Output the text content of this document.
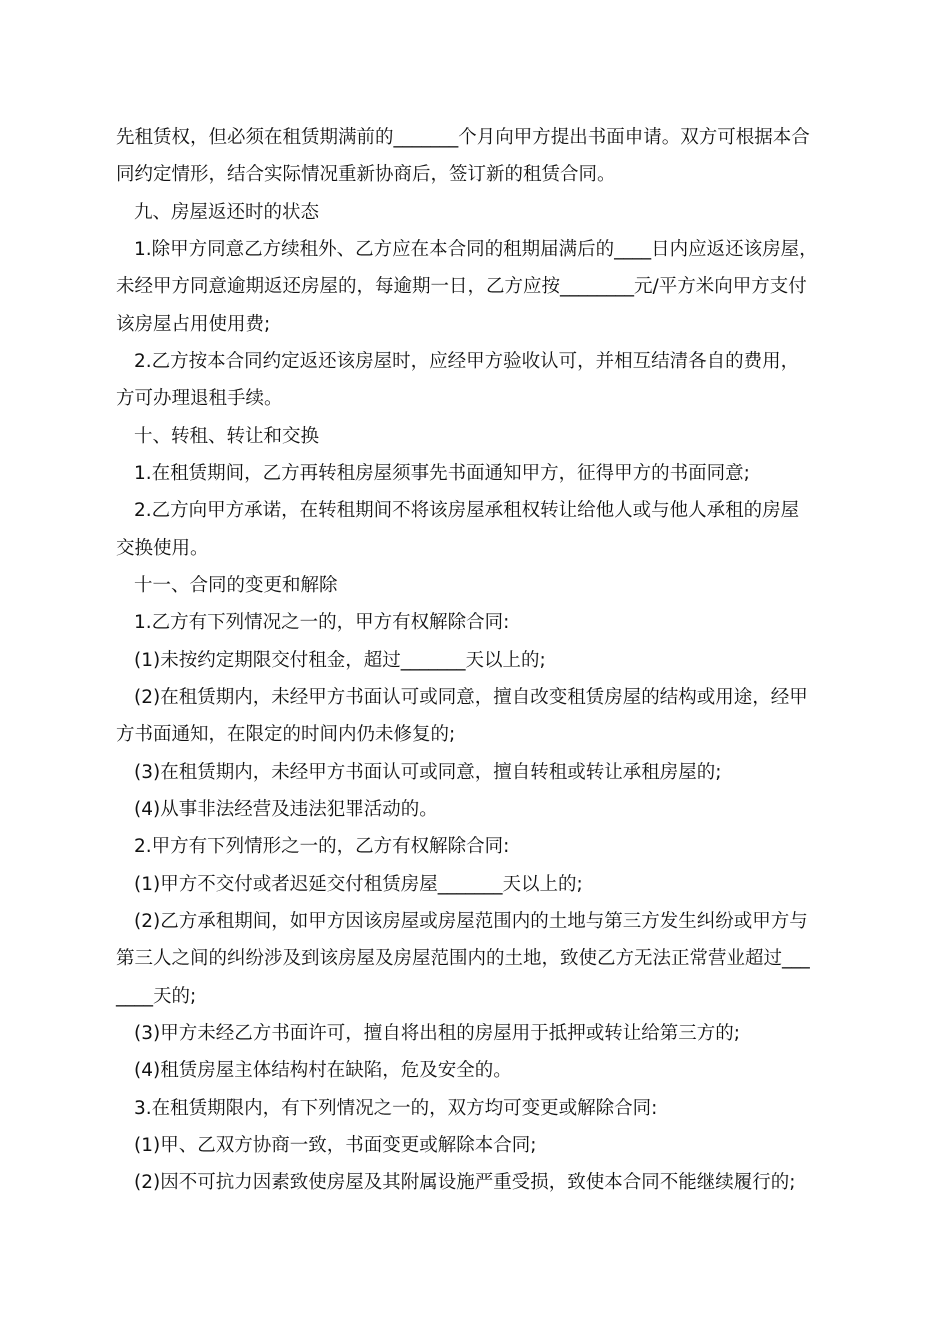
先租赁权，但必须在租赁期满前的_______个月向甲方提出书面申请。双方可根据本合
同约定情形，结合实际情况重新协商后，签订新的租赁合同。
九、房屋返还时的状态
1.除甲方同意乙方续租外、乙方应在本合同的租期届满后的____日内应返还该房屋，
未经甲方同意逾期返还房屋的，每逾期一日，乙方应按________元/平方米向甲方支付
该房屋占用使用费;
2.乙方按本合同约定返还该房屋时，应经甲方验收认可，并相互结清各自的费用，
方可办理退租手续。
十、转租、转让和交换
1.在租赁期间，乙方再转租房屋须事先书面通知甲方，征得甲方的书面同意;
2.乙方向甲方承诺，在转租期间不将该房屋承租权转让给他人或与他人承租的房屋
交换使用。
十一、合同的变更和解除
1.乙方有下列情况之一的，甲方有权解除合同:
(1)未按约定期限交付租金，超过_______天以上的;
(2)在租赁期内，未经甲方书面认可或同意，擅自改变租赁房屋的结构或用途，经甲
方书面通知，在限定的时间内仍未修复的;
(3)在租赁期内，未经甲方书面认可或同意，擅自转租或转让承租房屋的;
(4)从事非法经营及违法犯罪活动的。
2.甲方有下列情形之一的，乙方有权解除合同:
(1)甲方不交付或者迟延交付租赁房屋_______天以上的;
(2)乙方承租期间，如甲方因该房屋或房屋范围内的土地与第三方发生纠纷或甲方与
第三人之间的纠纷涉及到该房屋及房屋范围内的土地，致使乙方无法正常营业超过___
____天的;
(3)甲方未经乙方书面许可，擅自将出租的房屋用于抵押或转让给第三方的;
(4)租赁房屋主体结构村在缺陷，危及安全的。
3.在租赁期限内，有下列情况之一的，双方均可变更或解除合同:
(1)甲、乙双方协商一致，书面变更或解除本合同;
(2)因不可抗力因素致使房屋及其附属设施严重受损，致使本合同不能继续履行的;
